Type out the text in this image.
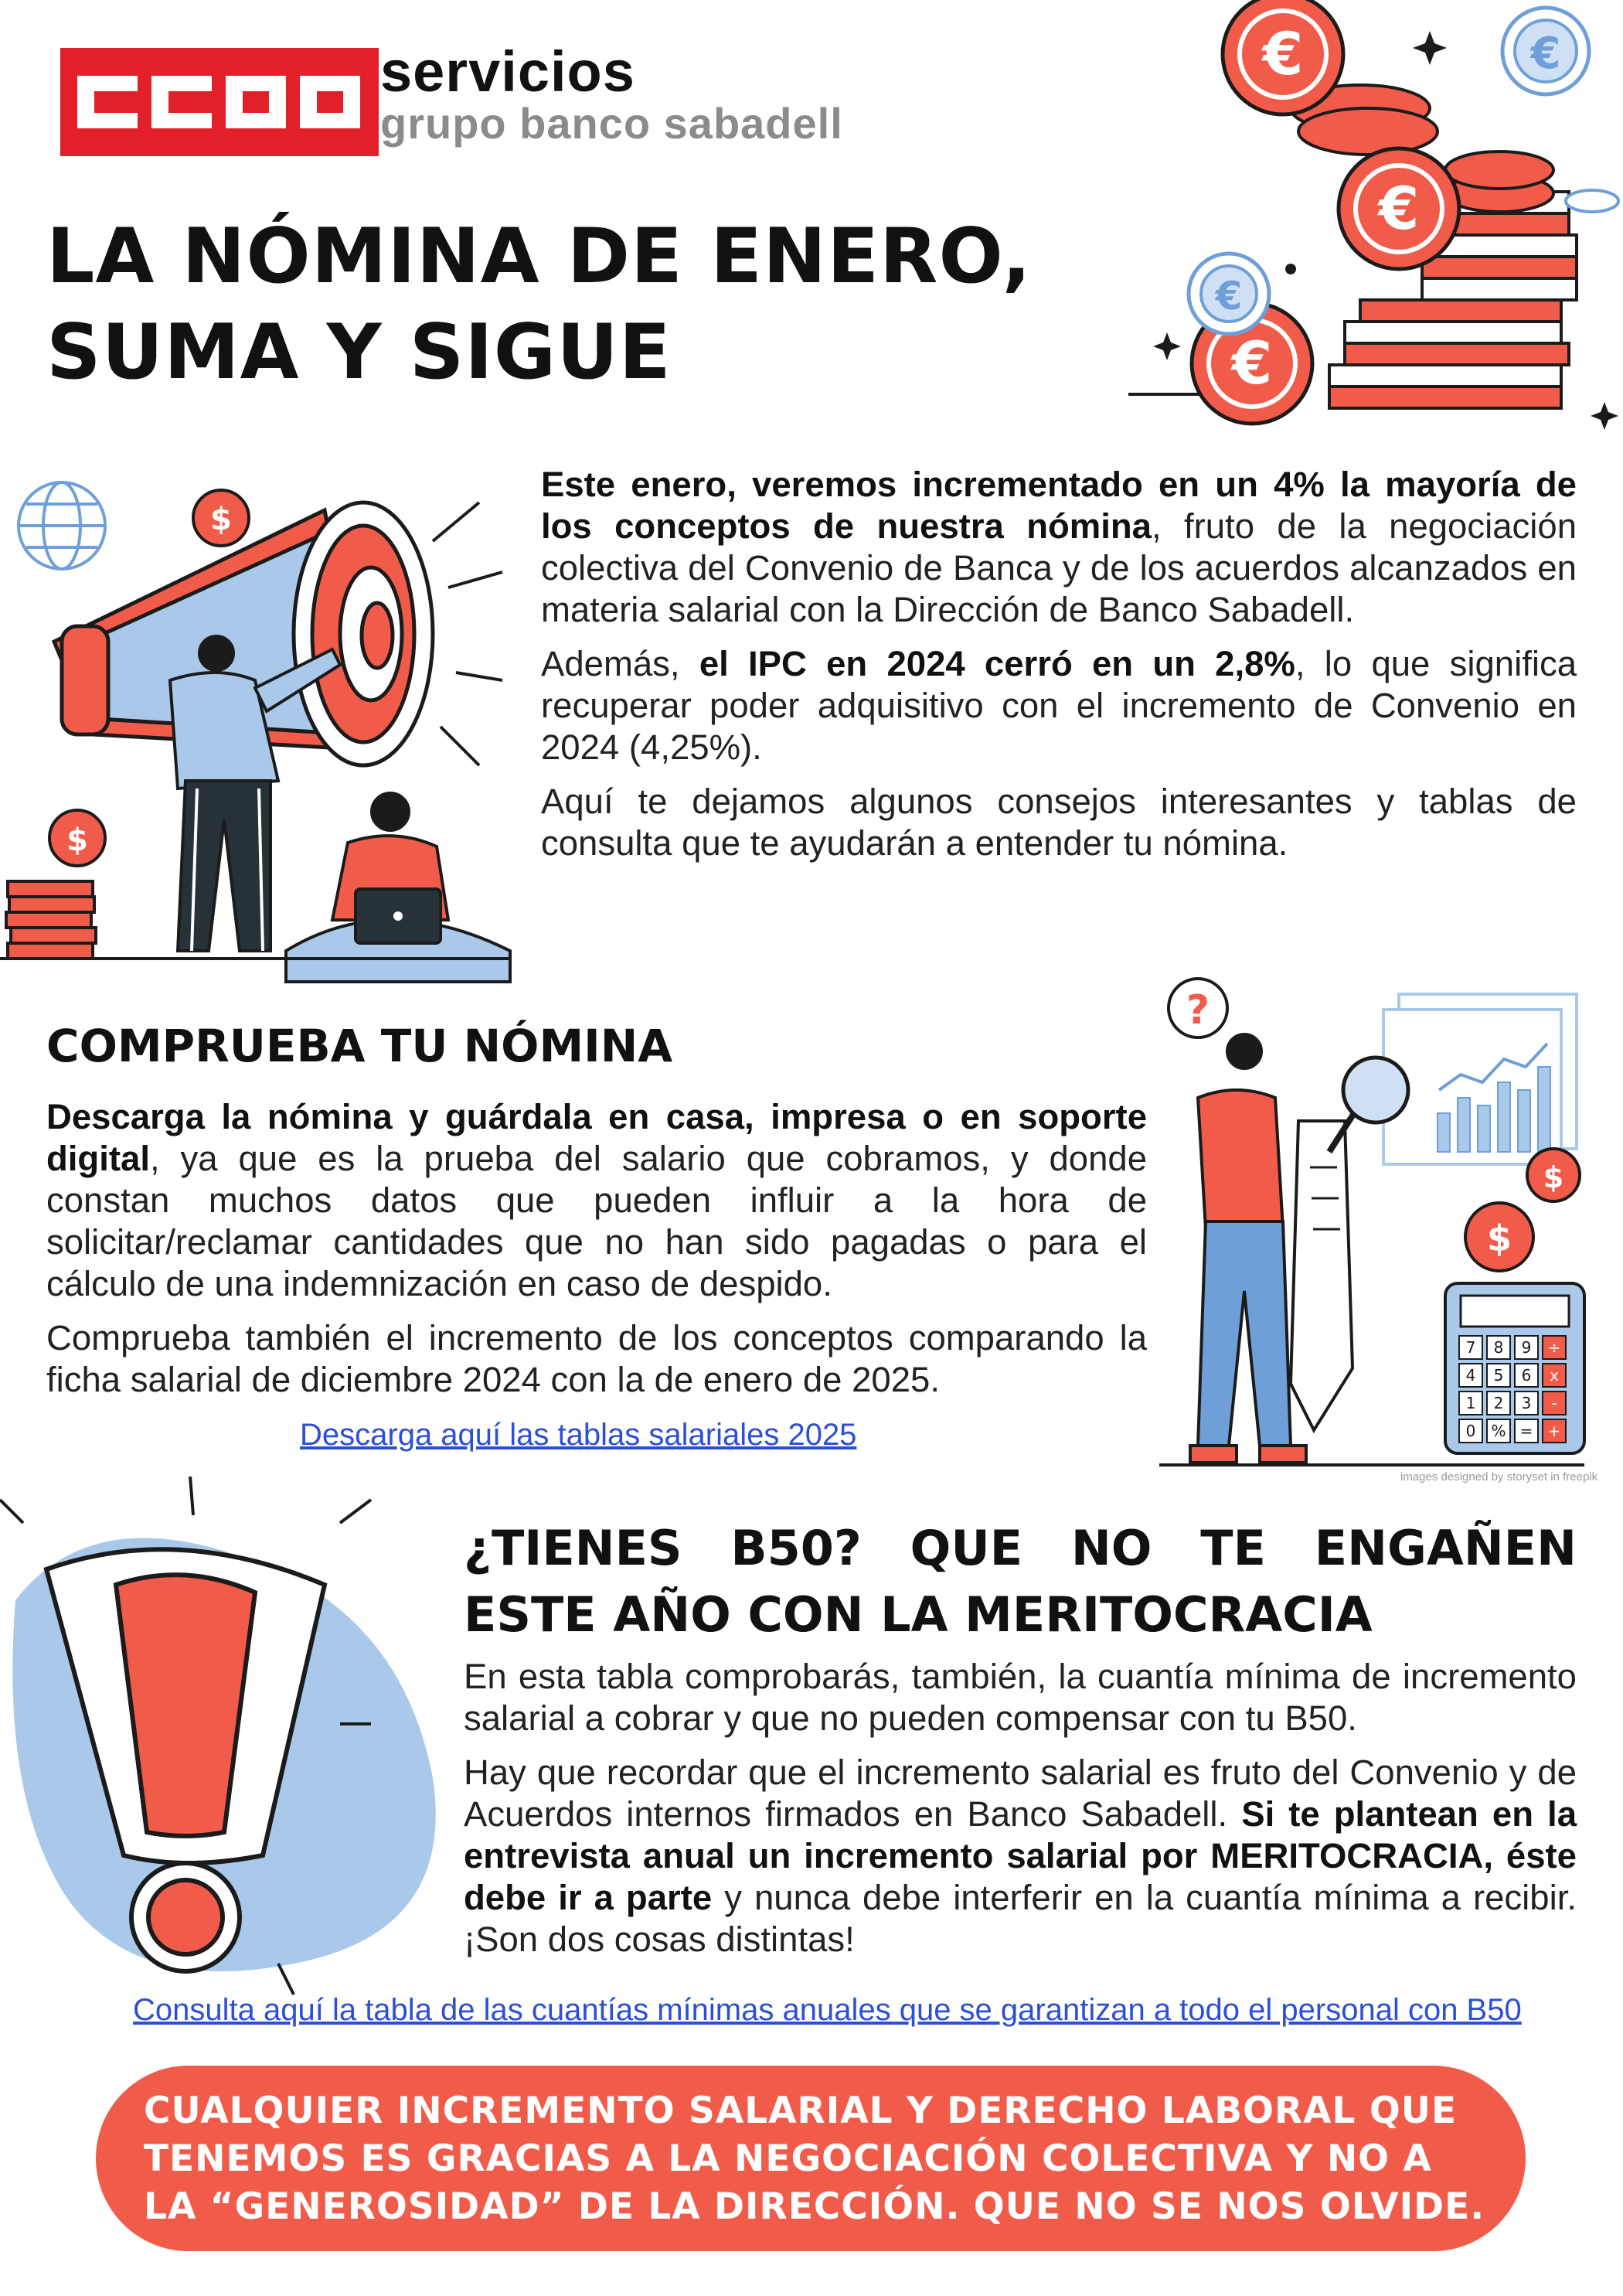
servicios
grupo banco sabadell
LA NÓMINA DE ENERO,
SUMA Y SIGUE
€
€
€
€
€
$
$

Este enero, veremos incrementado en un 4% la mayoría de los conceptos de nuestra nómina, fruto de la negociación colectiva del Convenio de Banca y de los acuerdos alcanzados en materia salarial con la Dirección de Banco Sabadell.

Además, el IPC en 2024 cerró en un 2,8%, lo que significa recuperar poder adquisitivo con el incremento de Convenio en 2024 (4,25%).

Aquí te dejamos algunos consejos interesantes y tablas de consulta que te ayudarán a entender tu nómina.

COMPRUEBA TU NÓMINA

Descarga la nómina y guárdala en casa, impresa o en soporte digital, ya que es la prueba del salario que cobramos, y donde constan muchos datos que pueden influir a la hora de solicitar/reclamar cantidades que no han sido pagadas o para el cálculo de una indemnización en caso de despido.

Comprueba también el incremento de los conceptos comparando la ficha salarial de diciembre 2024 con la de enero de 2025.

Descarga aquí las tablas salariales 2025
?
$
$
7 8 9 ÷
4 5 6 x
1 2 3 -
0 % = +
images designed by storyset in freepik
¿TIENES B50? QUE NO TE ENGAÑEN
ESTE AÑO CON LA MERITOCRACIA

En esta tabla comprobarás, también, la cuantía mínima de incremento salarial a cobrar y que no pueden compensar con tu B50.

Hay que recordar que el incremento salarial es fruto del Convenio y de Acuerdos internos firmados en Banco Sabadell. Si te plantean en la entrevista anual un incremento salarial por MERITOCRACIA, éste debe ir a parte y nunca debe interferir en la cuantía mínima a recibir. ¡Son dos cosas distintas!

Consulta aquí la tabla de las cuantías mínimas anuales que se garantizan a todo el personal con B50
CUALQUIER INCREMENTO SALARIAL Y DERECHO LABORAL QUE TENEMOS ES GRACIAS A LA NEGOCIACIÓN COLECTIVA Y NO A LA “GENEROSIDAD” DE LA DIRECCIÓN. QUE NO SE NOS OLVIDE.
